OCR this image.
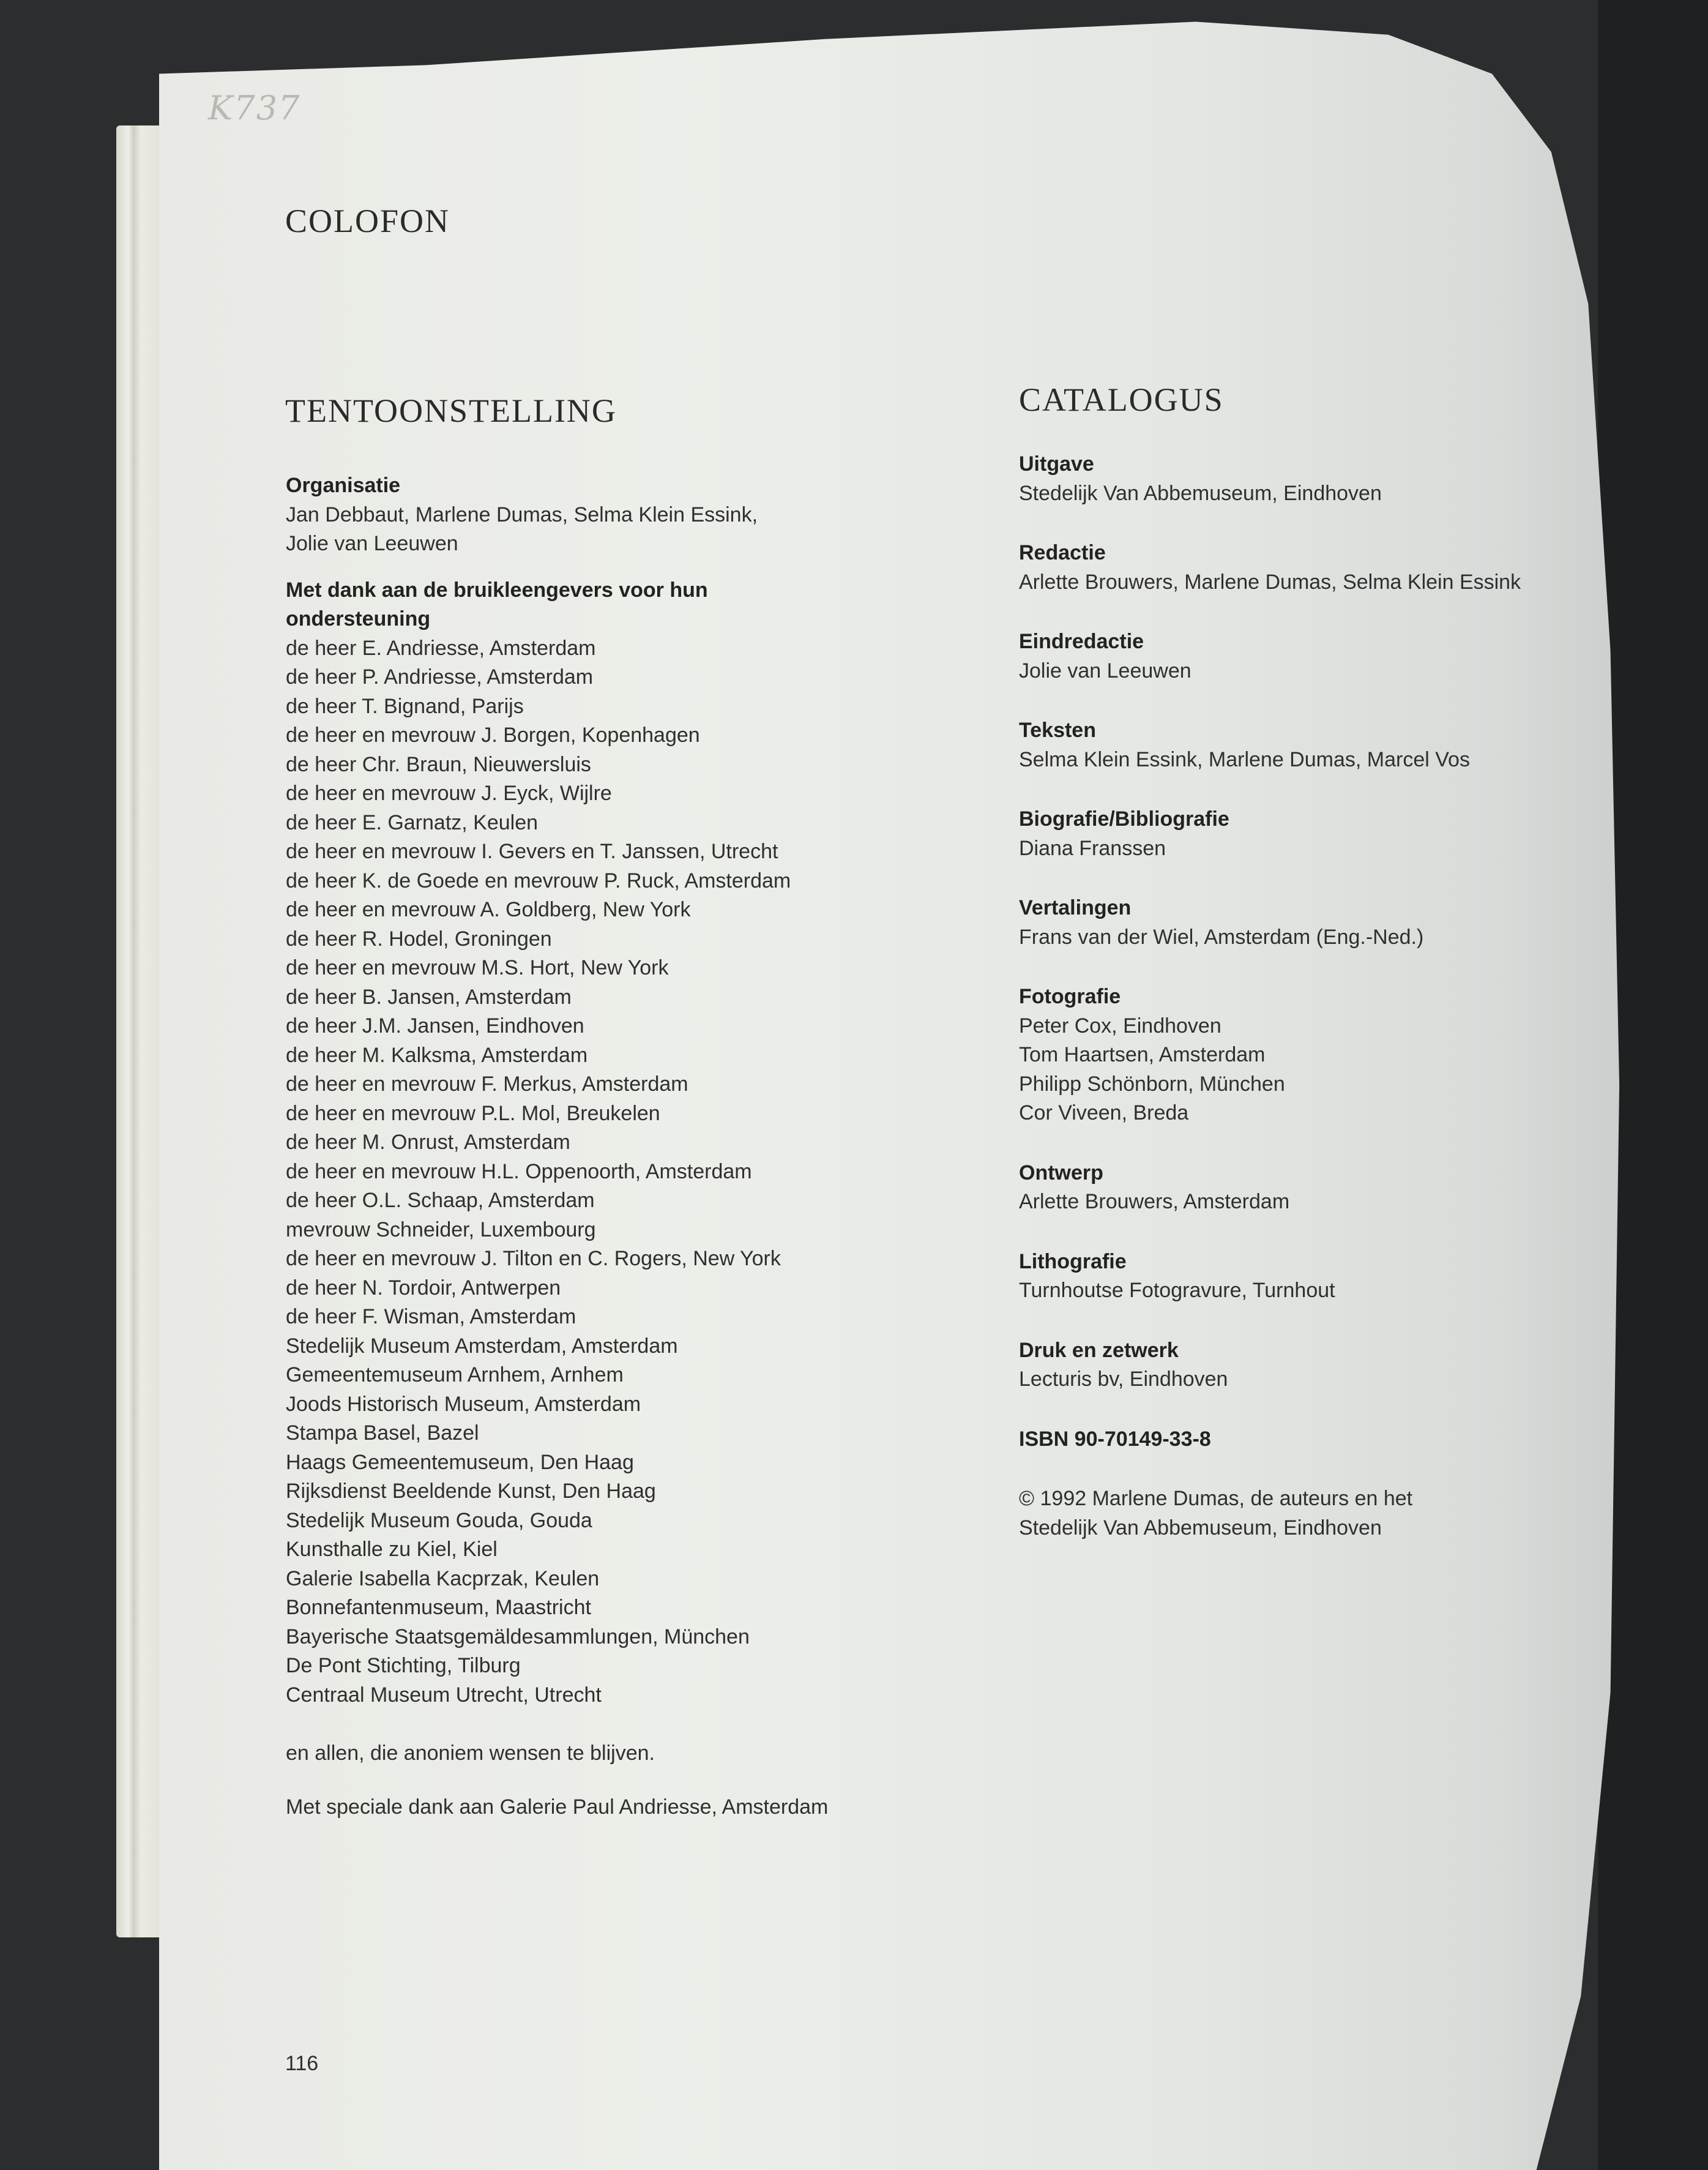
K737
COLOFON
TENTOONSTELLING	CATALOGUS
Organisatie
Jan Debbaut, Marlene Dumas, Selma Klein Essink,
Jolie van Leeuwen
Met dank aan de bruikleengevers voor hun ondersteuning
de heer E. Andriesse, Amsterdam
de heer P. Andriesse, Amsterdam
de heer T. Bignand, Parijs
de heer en mevrouw J. Borgen, Kopenhagen
de heer Chr. Braun, Nieuwersluis
de heer en mevrouw J. Eyck, Wijlre
de heer E. Garnatz, Keulen
de heer en mevrouw I. Gevers en T. Janssen, Utrecht
de heer K. de Goede en mevrouw P. Ruck, Amsterdam
de heer en mevrouw A. Goldberg, New York
de heer R. Hodel, Groningen
de heer en mevrouw M.S. Hort, New York
de heer B. Jansen, Amsterdam
de heer J.M. Jansen, Eindhoven
de heer M. Kalksma, Amsterdam
de heer en mevrouw F. Merkus, Amsterdam
de heer en mevrouw P.L. Mol, Breukelen
de heer M. Onrust, Amsterdam
de heer en mevrouw H.L. Oppenoorth, Amsterdam
de heer O.L. Schaap, Amsterdam
mevrouw Schneider, Luxembourg
de heer en mevrouw J. Tilton en C. Rogers, New York
de heer N. Tordoir, Antwerpen
de heer F. Wisman, Amsterdam
Stedelijk Museum Amsterdam, Amsterdam
Gemeentemuseum Arnhem, Arnhem
Joods Historisch Museum, Amsterdam
Stampa Basel, Bazel
Haags Gemeentemuseum, Den Haag
Rijksdienst Beeldende Kunst, Den Haag
Stedelijk Museum Gouda, Gouda
Kunsthalle zu Kiel, Kiel
Galerie Isabella Kacprzak, Keulen
Bonnefantenmuseum, Maastricht
Bayerische Staatsgemäldesammlungen, München
De Pont Stichting, Tilburg
Centraal Museum Utrecht, Utrecht
en allen, die anoniem wensen te blijven.
Met speciale dank aan Galerie Paul Andriesse, Amsterdam
Uitgave
Stedelijk Van Abbemuseum, Eindhoven
Redactie
Arlette Brouwers, Marlene Dumas, Selma Klein Essink
Eindredactie
Jolie van Leeuwen
Teksten
Selma Klein Essink, Marlene Dumas, Marcel Vos
Biografie/Bibliografie
Diana Franssen
Vertalingen
Frans van der Wiel, Amsterdam (Eng.-Ned.)
Fotografie
Peter Cox, Eindhoven
Tom Haartsen, Amsterdam
Philipp Schönborn, München
Cor Viveen, Breda
Ontwerp
Arlette Brouwers, Amsterdam
Lithografie
Turnhoutse Fotogravure, Turnhout
Druk en zetwerk
Lecturis bv, Eindhoven
ISBN 90-70149-33-8
© 1992 Marlene Dumas, de auteurs en het
Stedelijk Van Abbemuseum, Eindhoven
116
